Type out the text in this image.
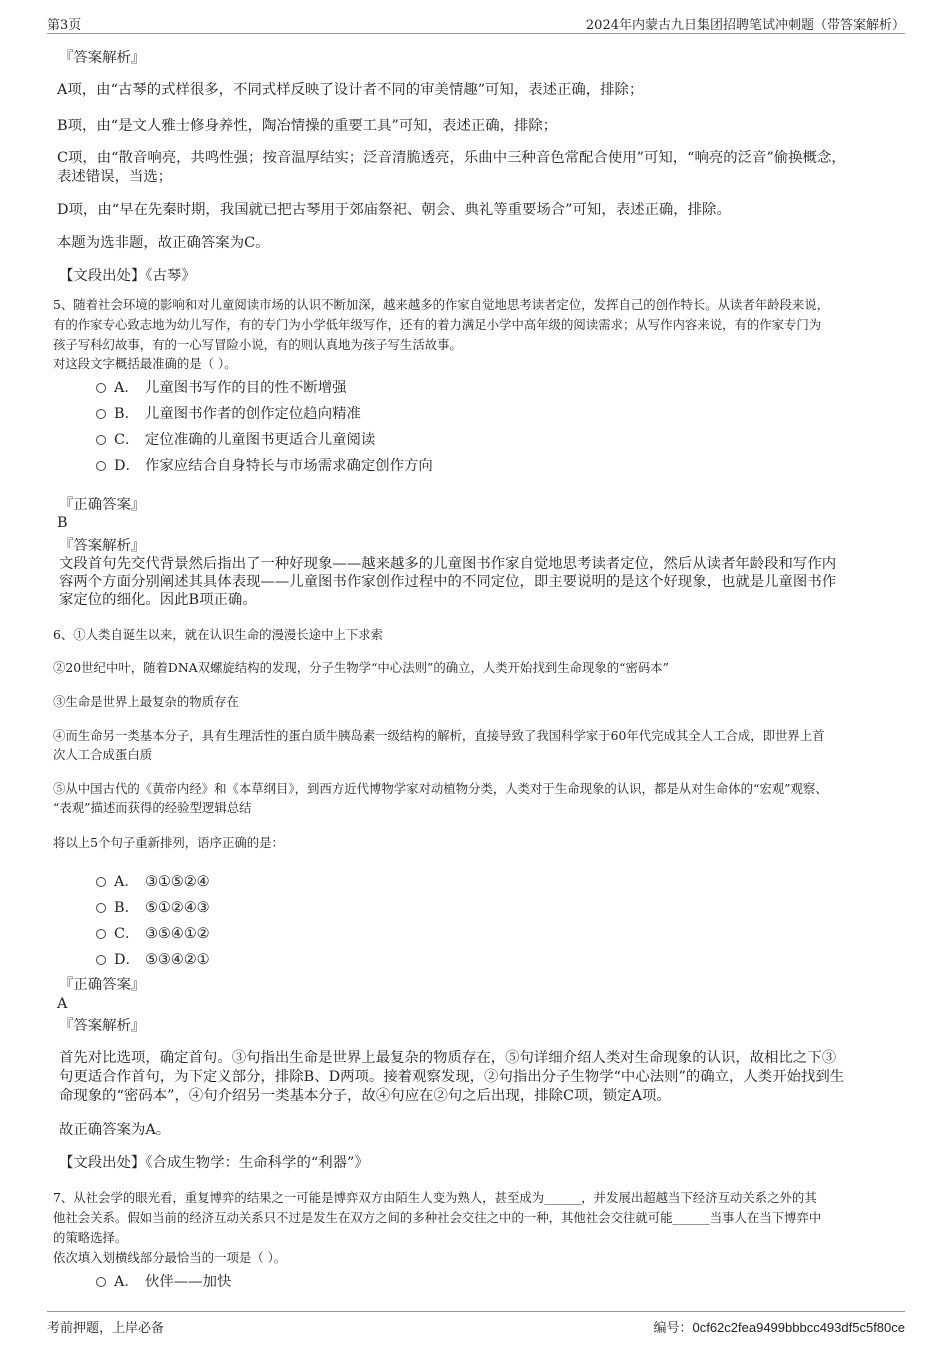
第3页	2024年内蒙古九日集团招聘笔试冲刺题（带答案解析）
『答案解析』
A项，由“古琴的式样很多，不同式样反映了设计者不同的审美情趣”可知，表述正确，排除；
B项，由“是文人雅士修身养性，陶冶情操的重要工具”可知，表述正确，排除；
C项，由“散音响亮，共鸣性强；按音温厚结实；泛音清脆透亮，乐曲中三种音色常配合使用”可知，“响亮的泛音”偷换概念，
表述错误，当选；
D项，由“早在先秦时期，我国就已把古琴用于郊庙祭祀、朝会、典礼等重要场合”可知，表述正确，排除。
本题为选非题，故正确答案为C。
【文段出处】《古琴》
5、随着社会环境的影响和对儿童阅读市场的认识不断加深，越来越多的作家自觉地思考读者定位，发挥自己的创作特长。从读者年龄段来说，
有的作家专心致志地为幼儿写作，有的专门为小学低年级写作，还有的着力满足小学中高年级的阅读需求；从写作内容来说，有的作家专门为
孩子写科幻故事，有的一心写冒险小说，有的则认真地为孩子写生活故事。
对这段文字概括最准确的是（ ）。
A． 儿童图书写作的目的性不断增强
B． 儿童图书作者的创作定位趋向精准
C． 定位准确的儿童图书更适合儿童阅读
D． 作家应结合自身特长与市场需求确定创作方向
『正确答案』
B
『答案解析』
文段首句先交代背景然后指出了一种好现象——越来越多的儿童图书作家自觉地思考读者定位，然后从读者年龄段和写作内
容两个方面分别阐述其具体表现——儿童图书作家创作过程中的不同定位，即主要说明的是这个好现象，也就是儿童图书作
家定位的细化。因此B项正确。
6、①人类自诞生以来，就在认识生命的漫漫长途中上下求索
②20世纪中叶，随着DNA双螺旋结构的发现，分子生物学“中心法则”的确立，人类开始找到生命现象的“密码本”
③生命是世界上最复杂的物质存在
④而生命另一类基本分子，具有生理活性的蛋白质牛胰岛素一级结构的解析，直接导致了我国科学家于60年代完成其全人工合成，即世界上首
次人工合成蛋白质
⑤从中国古代的《黄帝内经》和《本草纲目》，到西方近代博物学家对动植物分类，人类对于生命现象的认识，都是从对生命体的“宏观”观察、
“表观”描述而获得的经验型逻辑总结
将以上5个句子重新排列，语序正确的是：
A． ③①⑤②④
B． ⑤①②④③
C． ③⑤④①②
D． ⑤③④②①
『正确答案』
A
『答案解析』
首先对比选项，确定首句。③句指出生命是世界上最复杂的物质存在，⑤句详细介绍人类对生命现象的认识，故相比之下③
句更适合作首句，为下定义部分，排除B、D两项。接着观察发现，②句指出分子生物学“中心法则”的确立，人类开始找到生
命现象的“密码本”，④句介绍另一类基本分子，故④句应在②句之后出现，排除C项，锁定A项。
故正确答案为A。
【文段出处】《合成生物学：生命科学的“利器”》
7、从社会学的眼光看，重复博弈的结果之一可能是博弈双方由陌生人变为熟人，甚至成为______，并发展出超越当下经济互动关系之外的其
他社会关系。假如当前的经济互动关系只不过是发生在双方之间的多种社会交往之中的一种，其他社会交往就可能______当事人在当下博弈中
的策略选择。
依次填入划横线部分最恰当的一项是（ ）。
A． 伙伴——加快
考前押题，上岸必备	编号：0cf62c2fea9499bbbcc493df5c5f80ce
